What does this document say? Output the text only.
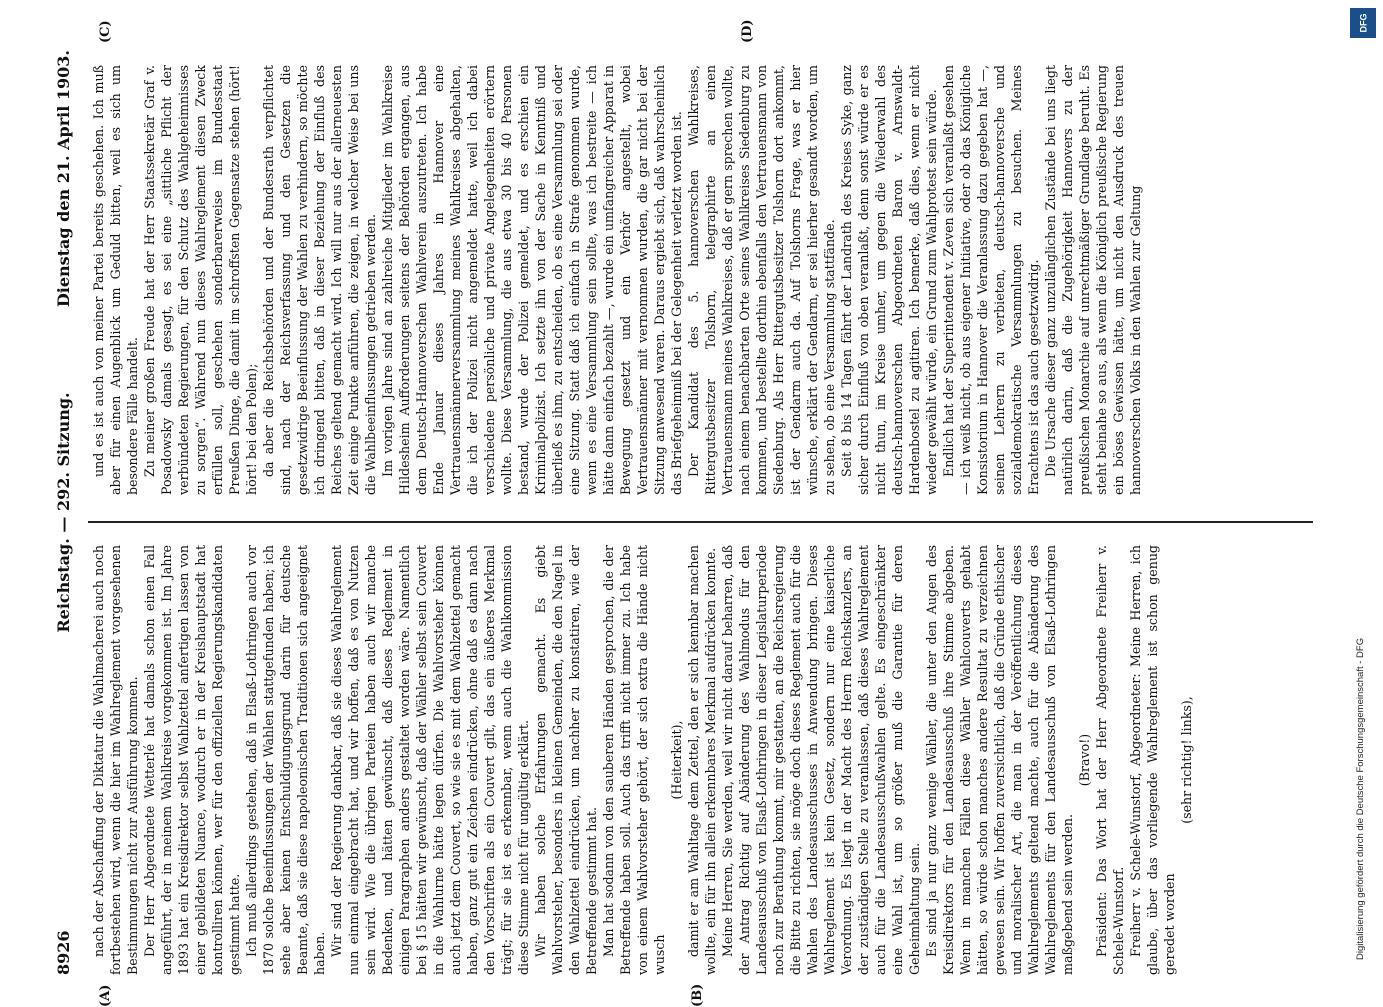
8926
Reichstag. — 292. Sitzung.
Dienstag den 21. April 1903.

nach der Abschaffung der Diktatur die Wahlmacherei auch noch fortbestehen wird, wenn die hier im Wahlreglement vorgesehenen Bestimmungen nicht zur Ausführung kommen. Der Herr Abgeordnete Wetterlé hat damals schon einen Fall angeführt, der in meinem Wahlkreise vorgekommen ist. Im Jahre 1893 hat ein Kreisdirektor selbst Wahlzettel anfertigen lassen von einer gebildeten Nuance, wodurch er in der Kreishauptstadt hat kontrolliren können, wer für den offiziellen Regierungskandidaten gestimmt hatte. Ich muß allerdings gestehen, daß in Elsaß-Lothringen auch vor 1870 solche Beeinflussungen der Wahlen stattgefunden haben; ich sehe aber keinen Entschuldigungsgrund darin für deutsche Beamte, daß sie diese napoleonischen Traditionen sich angeeignet haben. Wir sind der Regierung dankbar, daß sie dieses Wahlreglement nun einmal eingebracht hat, und wir hoffen, daß es von Nutzen sein wird. Wie die übrigen Parteien haben auch wir manche Bedenken, und hätten gewünscht, daß dieses Reglement in einigen Paragraphen anders gestaltet worden wäre. Namentlich bei § 15 hätten wir gewünscht, daß der Wähler selbst sein Couvert in die Wahlurne hätte legen dürfen. Die Wahlvorsteher können auch jetzt dem Couvert, so wie sie es mit dem Wahlzettel gemacht haben, ganz gut ein Zeichen eindrücken, ohne daß es dann nach den Vorschriften als ein Couvert gilt, das ein äußeres Merkmal trägt; für sie ist es erkennbar, wenn auch die Wahlkommission diese Stimme nicht für ungültig erklärt. Wir haben solche Erfahrungen gemacht. Es giebt Wahlvorsteher, besonders in kleinen Gemeinden, die den Nagel in den Wahlzettel eindrücken, um nachher zu konstatiren, wie der Betreffende gestimmt hat. Man hat sodann von den sauberen Händen gesprochen, die der Betreffende haben soll. Auch das trifft nicht immer zu. Ich habe von einem Wahlvorsteher gehört, der sich extra die Hände nicht wusch

(Heiterkeit), damit er am Wahltage dem Zettel, den er sich kennbar machen wollte, ein für ihn allein erkennbares Merkmal aufdrücken konnte. Meine Herren, Sie werden, weil wir nicht darauf beharren, daß der Antrag Richtig auf Abänderung des Wahlmodus für den Landesausschuß von Elsaß-Lothringen in dieser Legislaturperiode noch zur Berathung kommt, mir gestatten, an die Reichsregierung die Bitte zu richten, sie möge doch dieses Reglement auch für die Wahlen des Landesausschusses in Anwendung bringen. Dieses Wahlreglement ist kein Gesetz, sondern nur eine kaiserliche Verordnung. Es liegt in der Macht des Herrn Reichskanzlers, an der zuständigen Stelle zu veranlassen, daß dieses Wahlreglement auch für die Landesausschußwahlen gelte. Es eingeschränkter eine Wahl ist, um so größer muß die Garantie für deren Geheimhaltung sein. Es sind ja nur ganz wenige Wähler, die unter den Augen des Kreisdirektors für den Landesausschuß ihre Stimme abgeben. Wenn in manchen Fällen diese Wähler Wahlcouverts gehabt hätten, so würde schon manches andere Resultat zu verzeichnen gewesen sein. Wir hoffen zuversichtlich, daß die Gründe ethischer und moralischer Art, die man in der Veröffentlichung dieses Wahlreglements geltend machte, auch für die Abänderung des Wahlreglements für den Landesausschuß von Elsaß-Lothringen maßgebend sein werden.

(Bravo!) Präsident: Das Wort hat der Herr Abgeordnete Freiherr v. Schele-Wunstorf. Freiherr v. Schele-Wunstorf, Abgeordneter: Meine Herren, ich glaube, über das vorliegende Wahlreglement ist schon genug geredet worden

(sehr richtig! links),

und es ist auch von meiner Partei bereits geschehen. Ich muß aber für einen Augenblick um Geduld bitten, weil es sich um besondere Fälle handelt. Zu meiner großen Freude hat der Herr Staatssekretär Graf v. Posadowsky damals gesagt, es sei eine „sittliche Pflicht der verbündeten Regierungen, für den Schutz des Wahlgeheimnisses zu sorgen“. Während nun dieses Wahlreglement diesen Zweck erfüllen soll, geschehen sonderbarerweise im Bundesstaat Preußen Dinge, die damit im schroffsten Gegensatze stehen (hört! hört! bei den Polen); da aber die Reichsbehörden und der Bundesrath verpflichtet sind, nach der Reichsverfassung und den Gesetzen die gesetzwidrige Beeinflussung der Wahlen zu verhindern, so möchte ich dringend bitten, daß in dieser Beziehung der Einfluß des Reiches geltend gemacht wird. Ich will nur aus der allerneuesten Zeit einige Punkte anführen, die zeigen, in welcher Weise bei uns die Wahlbeeinflussungen getrieben werden. Im vorigen Jahre sind an zahlreiche Mitglieder im Wahlkreise Hildesheim Aufforderungen seitens der Behörden ergangen, aus dem Deutsch-Hannoverschen Wahlverein auszutreten. Ich habe Ende Januar dieses Jahres in Hannover eine Vertrauensmännerversammlung meines Wahlkreises abgehalten, die ich der Polizei nicht angemeldet hatte, weil ich dabei verschiedene persönliche und private Angelegenheiten erörtern wollte. Diese Versammlung, die aus etwa 30 bis 40 Personen bestand, wurde der Polizei gemeldet, und es erschien ein Kriminalpolizist. Ich setzte ihn von der Sache in Kenntniß und überließ es ihm, zu entscheiden, ob es eine Versammlung sei oder eine Sitzung. Statt daß ich einfach in Strafe genommen wurde, wenn es eine Versammlung sein sollte, was ich bestreite — ich hätte dann einfach bezahlt —, wurde ein umfangreicher Apparat in Bewegung gesetzt und ein Verhör angestellt, wobei Vertrauensmänner mit vernommen wurden, die gar nicht bei der Sitzung anwesend waren. Daraus ergiebt sich, daß wahrscheinlich das Briefgeheimniß bei der Gelegenheit verletzt worden ist. Der Kandidat des 5. hannoverschen Wahlkreises, Rittergutsbesitzer Tolshorn, telegraphirte an einen Vertrauensmann meines Wahlkreises, daß er gern sprechen wollte, nach einem benachbarten Orte seines Wahlkreises Siedenburg zu kommen, und bestellte dorthin ebenfalls den Vertrauensmann von Siedenburg. Als Herr Rittergutsbesitzer Tolshorn dort ankommt, ist der Gendarm auch da. Auf Tolshorns Frage, was er hier wünsche, erklärt der Gendarm, er sei hierher gesandt worden, um zu sehen, ob eine Versammlung stattfände. Seit 8 bis 14 Tagen fährt der Landrath des Kreises Syke, ganz sicher durch Einfluß von oben veranlaßt, denn sonst würde er es nicht thun, im Kreise umher, um gegen die Wiederwahl des deutsch-hannoverschen Abgeordneten Baron v. Arnswaldt-Hardenbostel zu agitiren. Ich bemerke, daß dies, wenn er nicht wieder gewählt würde, ein Grund zum Wahlprotest sein würde. Endlich hat der Superintendent v. Zeven sich veranlaßt gesehen — ich weiß nicht, ob aus eigener Initiative, oder ob das Königliche Konsistorium in Hannover die Veranlassung dazu gegeben hat —, seinen Lehrern zu verbieten, deutsch-hannoversche und sozialdemokratische Versammlungen zu besuchen. Meines Erachtens ist das auch gesetzwidrig. Die Ursache dieser ganz unzulänglichen Zustände bei uns liegt natürlich darin, daß die Zugehörigkeit Hannovers zu der preußischen Monarchie auf unrechtmäßiger Grundlage beruht. Es steht beinahe so aus, als wenn die Königlich preußische Regierung ein böses Gewissen hätte, um nicht den Ausdruck des treuen hannoverschen Volks in den Wahlen zur Geltung

(A)	(B)
(C)	(D)	DFG
Digitalisierung gefördert durch die Deutsche Forschungsgemeinschaft - DFG
